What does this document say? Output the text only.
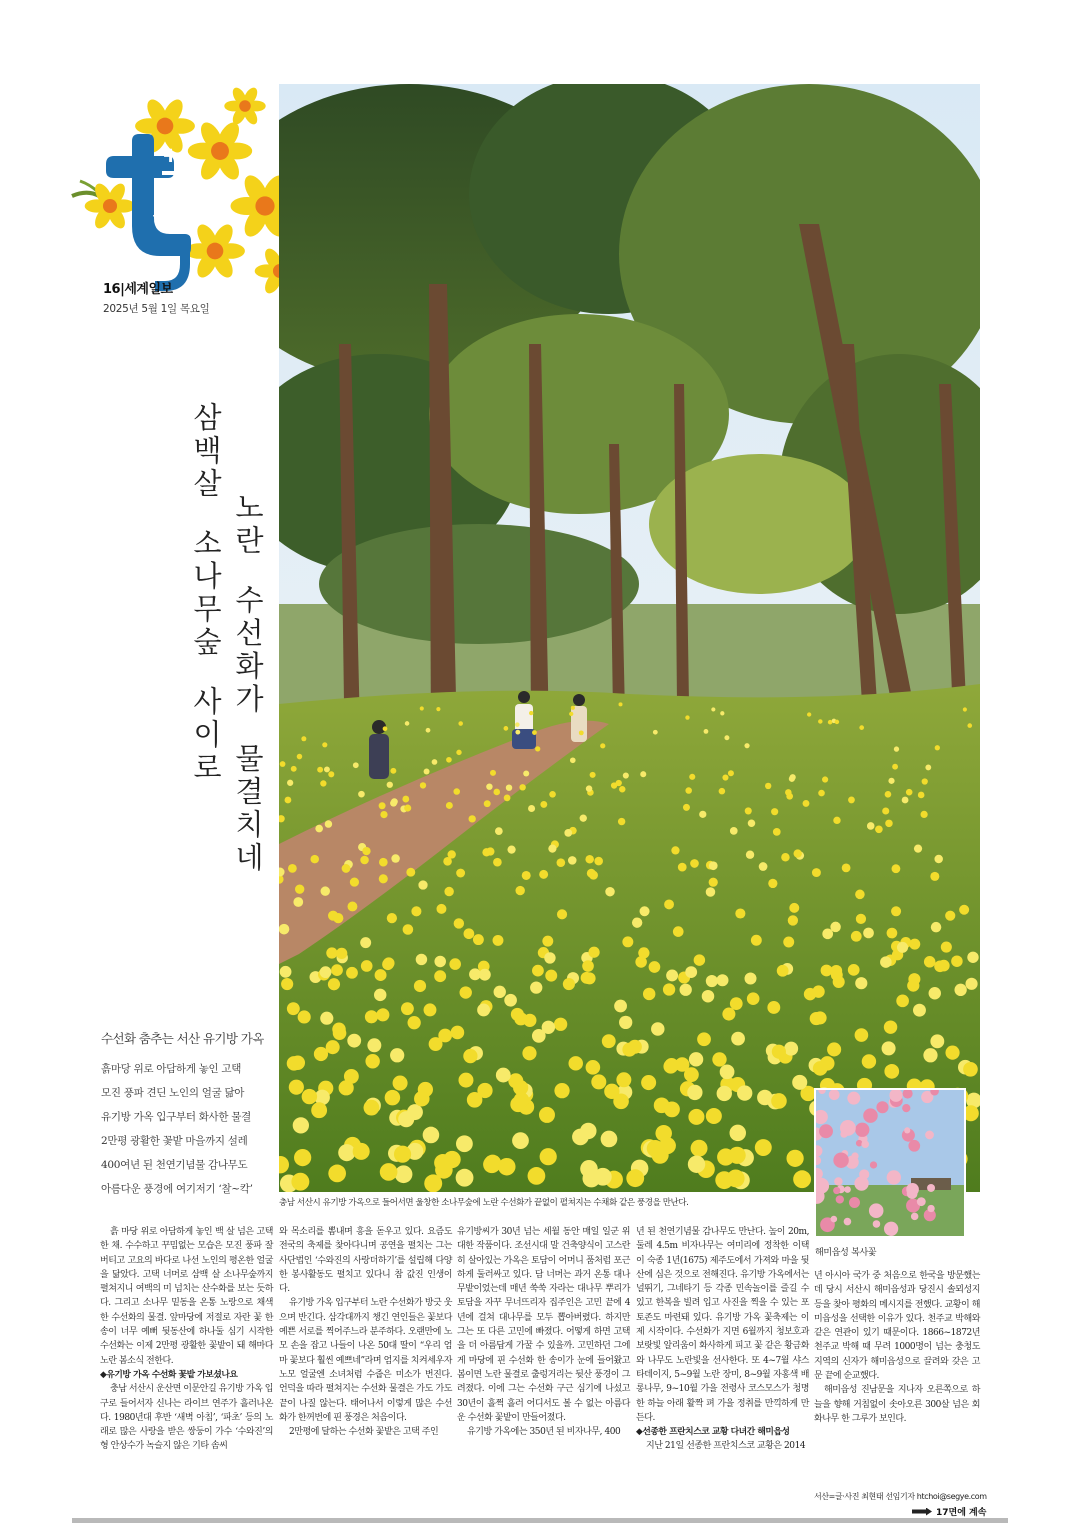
travel
+
16|세계일보
2025년 5월 1일 목요일
삼백살  소나무숲  사이로 노란  수선화가  물결치네
충남 서산시 유기방 가옥으로 들어서면 울창한 소나무숲에 노란 수선화가 끝없이 펼쳐지는 수채화 같은 풍경을 만난다.
해미읍성 복사꽃
수선화 춤추는 서산 유기방 가옥
흙마당 위로 아담하게 놓인 고택
모진 풍파 견딘 노인의 얼굴 닮아
유기방 가옥 입구부터 화사한 물결
2만평 광활한 꽃밭 마을까지 설레
400여년 된 천연기념물 감나무도
아름다운 풍경에 여기저기 ‘찰~칵’

흙 마당 위로 아담하게 놓인 백 살 넘은 고택 한 채. 수수하고 꾸밈없는 모습은 모진 풍파 잘 버티고 고요의 바다로 나선 노인의 평온한 얼굴을 닮았다. 고택 너머로 삼백 살 소나무숲까지 펼쳐지니 여백의 미 넘치는 산수화를 보는 듯하다. 그리고 소나무 밑동을 온통 노랑으로 채색한 수선화의 물결. 앞마당에 저절로 자란 꽃 한 송이 너무 예뻐 뒷동산에 하나둘 심기 시작한 수선화는 이제 2만평 광활한 꽃밭이 돼 해마다 노란 봄소식 전한다.

◆유기방 가옥 수선화 꽃밭 가보셨나요

충남 서산시 운산면 이문안길 유기방 가옥 입구로 들어서자 신나는 라이브 연주가 흘러나온다. 1980년대 후반 ‘새벽 아침’, ‘파초’ 등의 노래로 많은 사랑을 받은 쌍둥이 가수 ‘수와진’의 형 안상수가 녹슬지 않은 기타 솜씨

와 목소리를 뽐내며 흥을 돋우고 있다. 요즘도 전국의 축제를 찾아다니며 공연을 펼치는 그는 사단법인 ‘수와진의 사랑더하기’를 설립해 다양한 봉사활동도 펼치고 있다니 참 값진 인생이다.

유기방 가옥 입구부터 노란 수선화가 방긋 웃으며 반긴다. 삼각대까지 챙긴 연인들은 꽃보다 예쁜 서로를 찍어주느라 분주하다. 오랜만에 노모 손을 잡고 나들이 나온 50대 딸이 “우리 엄마 꽃보다 훨씬 예쁘네”라며 엄지를 치켜세우자 노모 얼굴엔 소녀처럼 수줍은 미소가 번진다. 언덕을 따라 펼쳐지는 수선화 물결은 가도 가도 끝이 나질 않는다. 태어나서 이렇게 많은 수선화가 한꺼번에 핀 풍경은 처음이다.

2만평에 달하는 수선화 꽃밭은 고택 주인

유기방씨가 30년 넘는 세월 동안 매일 일군 위대한 작품이다. 조선시대 말 건축양식이 고스란히 살아있는 가옥은 토담이 어머니 품처럼 포근하게 둘러싸고 있다. 담 너머는 과거 온통 대나무밭이었는데 매년 쑥쑥 자라는 대나무 뿌리가 토담을 자꾸 무너뜨리자 집주인은 고민 끝에 4년에 걸쳐 대나무를 모두 뽑아버렸다. 하지만 그는 또 다른 고민에 빠졌다. 어떻게 하면 고택을 더 아름답게 가꿀 수 있을까. 고민하던 그에게 마당에 핀 수선화 한 송이가 눈에 들어왔고 봄이면 노란 물결로 출렁거리는 뒷산 풍경이 그려졌다. 이에 그는 수선화 구근 심기에 나섰고 30년이 흘쩍 흘러 어디서도 볼 수 없는 아름다운 수선화 꽃밭이 만들어졌다.

유기방 가옥에는 350년 된 비자나무, 400

년 된 천연기념물 감나무도 만난다. 높이 20m, 둘레 4.5m 비자나무는 여미리에 정착한 이택이 숙종 1년(1675) 제주도에서 가져와 마을 뒷산에 심은 것으로 전해진다. 유기방 가옥에서는 널뛰기, 그네타기 등 각종 민속놀이를 즐길 수 있고 한복을 빌려 입고 사진을 찍을 수 있는 포토존도 마련돼 있다. 유기방 가옥 꽃축제는 이제 시작이다. 수선화가 지면 6월까지 청보호과 보랏빛 알리움이 화사하게 피고 꽃 같은 황금화와 나무도 노란빛을 선사한다. 또 4~7월 샤스타데이지, 5~9월 노란 장미, 8~9월 자홍색 배롱나무, 9~10월 가을 전령사 코스모스가 청명한 하늘 아래 활짝 펴 가을 정취를 만끽하게 만든다.

◆선종한 프란치스코 교황 다녀간 해미읍성

지난 21일 선종한 프란치스코 교황은 2014

년 아시아 국가 중 처음으로 한국을 방문했는데 당시 서산시 해미읍성과 당진시 솔뫼성지 등을 찾아 평화의 메시지를 전했다. 교황이 해미읍성을 선택한 이유가 있다. 천주교 박해와 같은 연관이 있기 때문이다. 1866~1872년 천주교 박해 때 무려 1000명이 넘는 충청도 지역의 신자가 해미읍성으로 끌려와 갖은 고문 끝에 순교했다.

해미읍성 진남문을 지나자 오른쪽으로 하늘을 향해 거침없이 솟아오른 300살 넘은 회화나무 한 그루가 보인다.

서산=글·사진 최현태 선임기자 htchoi@segye.com
17면에 계속
